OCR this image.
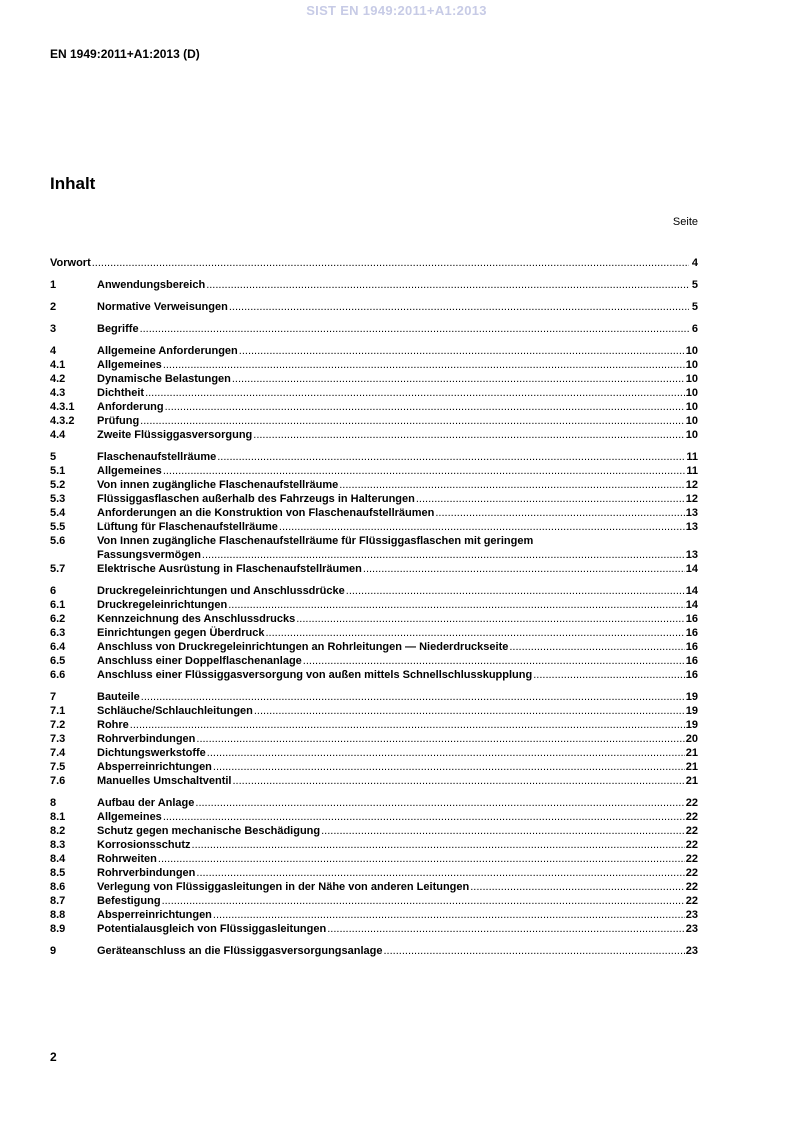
SIST EN 1949:2011+A1:2013
EN 1949:2011+A1:2013 (D)
Inhalt
Seite
Vorwort .....	4
1	Anwendungsbereich .....	5
2	Normative Verweisungen .....	5
3	Begriffe .....	6
4	Allgemeine Anforderungen .....	10
4.1	Allgemeines .....	10
4.2	Dynamische Belastungen .....	10
4.3	Dichtheit .....	10
4.3.1	Anforderung .....	10
4.3.2	Prüfung .....	10
4.4	Zweite Flüssiggasversorgung .....	10
5	Flaschenaufstellräume .....	11
5.1	Allgemeines .....	11
5.2	Von innen zugängliche Flaschenaufstellräume .....	12
5.3	Flüssiggasflaschen außerhalb des Fahrzeugs in Halterungen .....	12
5.4	Anforderungen an die Konstruktion von Flaschenaufstellräumen .....	13
5.5	Lüftung für Flaschenaufstellräume .....	13
5.6	Von Innen zugängliche Flaschenaufstellräume für Flüssiggasflaschen mit geringem
Fassungsvermögen .....	13
5.7	Elektrische Ausrüstung in Flaschenaufstellräumen .....	14
6	Druckregeleinrichtungen und Anschlussdrücke .....	14
6.1	Druckregeleinrichtungen .....	14
6.2	Kennzeichnung des Anschlussdrucks .....	16
6.3	Einrichtungen gegen Überdruck .....	16
6.4	Anschluss von Druckregeleinrichtungen an Rohrleitungen — Niederdruckseite .....	16
6.5	Anschluss einer Doppelflaschenanlage .....	16
6.6	Anschluss einer Flüssiggasversorgung von außen mittels Schnellschlusskupplung .....	16
7	Bauteile .....	19
7.1	Schläuche/Schlauchleitungen .....	19
7.2	Rohre .....	19
7.3	Rohrverbindungen .....	20
7.4	Dichtungswerkstoffe .....	21
7.5	Absperreinrichtungen .....	21
7.6	Manuelles Umschaltventil .....	21
8	Aufbau der Anlage .....	22
8.1	Allgemeines .....	22
8.2	Schutz gegen mechanische Beschädigung .....	22
8.3	Korrosionsschutz .....	22
8.4	Rohrweiten .....	22
8.5	Rohrverbindungen .....	22
8.6	Verlegung von Flüssiggasleitungen in der Nähe von anderen Leitungen .....	22
8.7	Befestigung .....	22
8.8	Absperreinrichtungen .....	23
8.9	Potentialausgleich von Flüssiggasleitungen .....	23
9	Geräteanschluss an die Flüssiggasversorgungsanlage .....	23
2
